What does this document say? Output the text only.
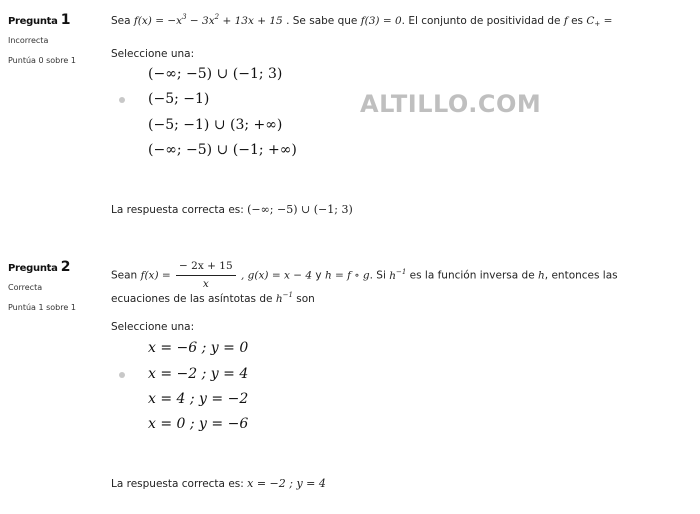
ALTILLO.COM
Pregunta 1
Incorrecta
Puntúa 0 sobre 1
Sea $f(x) = -x^3 - 3x^2 + 13x + 15$ . Se sabe que f(3) = 0. El conjunto de positividad de f es $C_+$ =
Seleccione una:
(−∞; −5) ∪ (−1; 3)
(−5; −1)
(−5; −1) ∪ (3; +∞)
(−∞; −5) ∪ (−1; +∞)
La respuesta correcta es: (−∞; −5) ∪ (−1; 3)
Pregunta 2
Correcta
Puntúa 1 sobre 1
Sean $f(x) = \frac{- 2x + 15}{x}$ , g(x) = x − 4 y h = f ∘ g. Si $h^{-1}$ es la función inversa de h, entonces las
ecuaciones de las asíntotas de $h^{-1}$ son
Seleccione una:
x = −6 ; y = 0
x = −2 ; y = 4
x = 4 ; y = −2
x = 0 ; y = −6
La respuesta correcta es: x = −2 ; y = 4
